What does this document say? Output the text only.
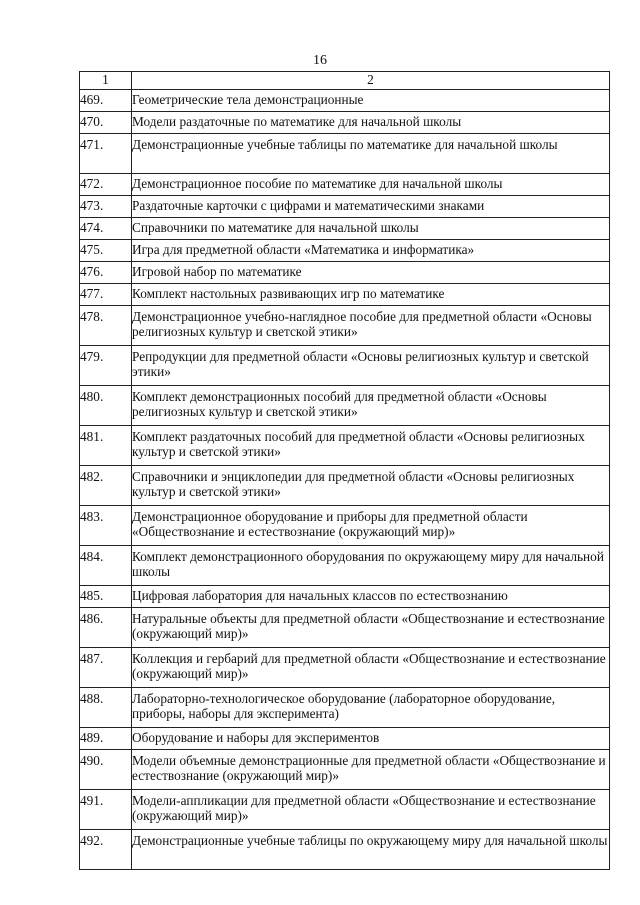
16
1	2
469.	Геометрические тела демонстрационные
470.	Модели раздаточные по математике для начальной школы
471.	Демонстрационные учебные таблицы по математике для начальной школы
472.	Демонстрационное пособие по математике для начальной школы
473.	Раздаточные карточки с цифрами и математическими знаками
474.	Справочники по математике для начальной школы
475.	Игра для предметной области «Математика и информатика»
476.	Игровой набор по математике
477.	Комплект настольных развивающих игр по математике
478.	Демонстрационное учебно-наглядное пособие для предметной области «Основы религиозных культур и светской этики»
479.	Репродукции для предметной области «Основы религиозных культур и светской этики»
480.	Комплект демонстрационных пособий для предметной области «Основы религиозных культур и светской этики»
481.	Комплект раздаточных пособий для предметной области «Основы религиозных культур и светской этики»
482.	Справочники и энциклопедии для предметной области «Основы религиозных культур и светской этики»
483.	Демонстрационное оборудование и приборы для предметной области «Обществознание и естествознание (окружающий мир)»
484.	Комплект демонстрационного оборудования по окружающему миру для начальной школы
485.	Цифровая лаборатория для начальных классов по естествознанию
486.	Натуральные объекты для предметной области «Обществознание и естествознание (окружающий мир)»
487.	Коллекция и гербарий для предметной области «Обществознание и естествознание (окружающий мир)»
488.	Лабораторно-технологическое оборудование (лабораторное оборудование, приборы, наборы для эксперимента)
489.	Оборудование и наборы для экспериментов
490.	Модели объемные демонстрационные для предметной области «Обществознание и естествознание (окружающий мир)»
491.	Модели-аппликации для предметной области «Обществознание и естествознание (окружающий мир)»
492.	Демонстрационные учебные таблицы по окружающему миру для начальной школы
